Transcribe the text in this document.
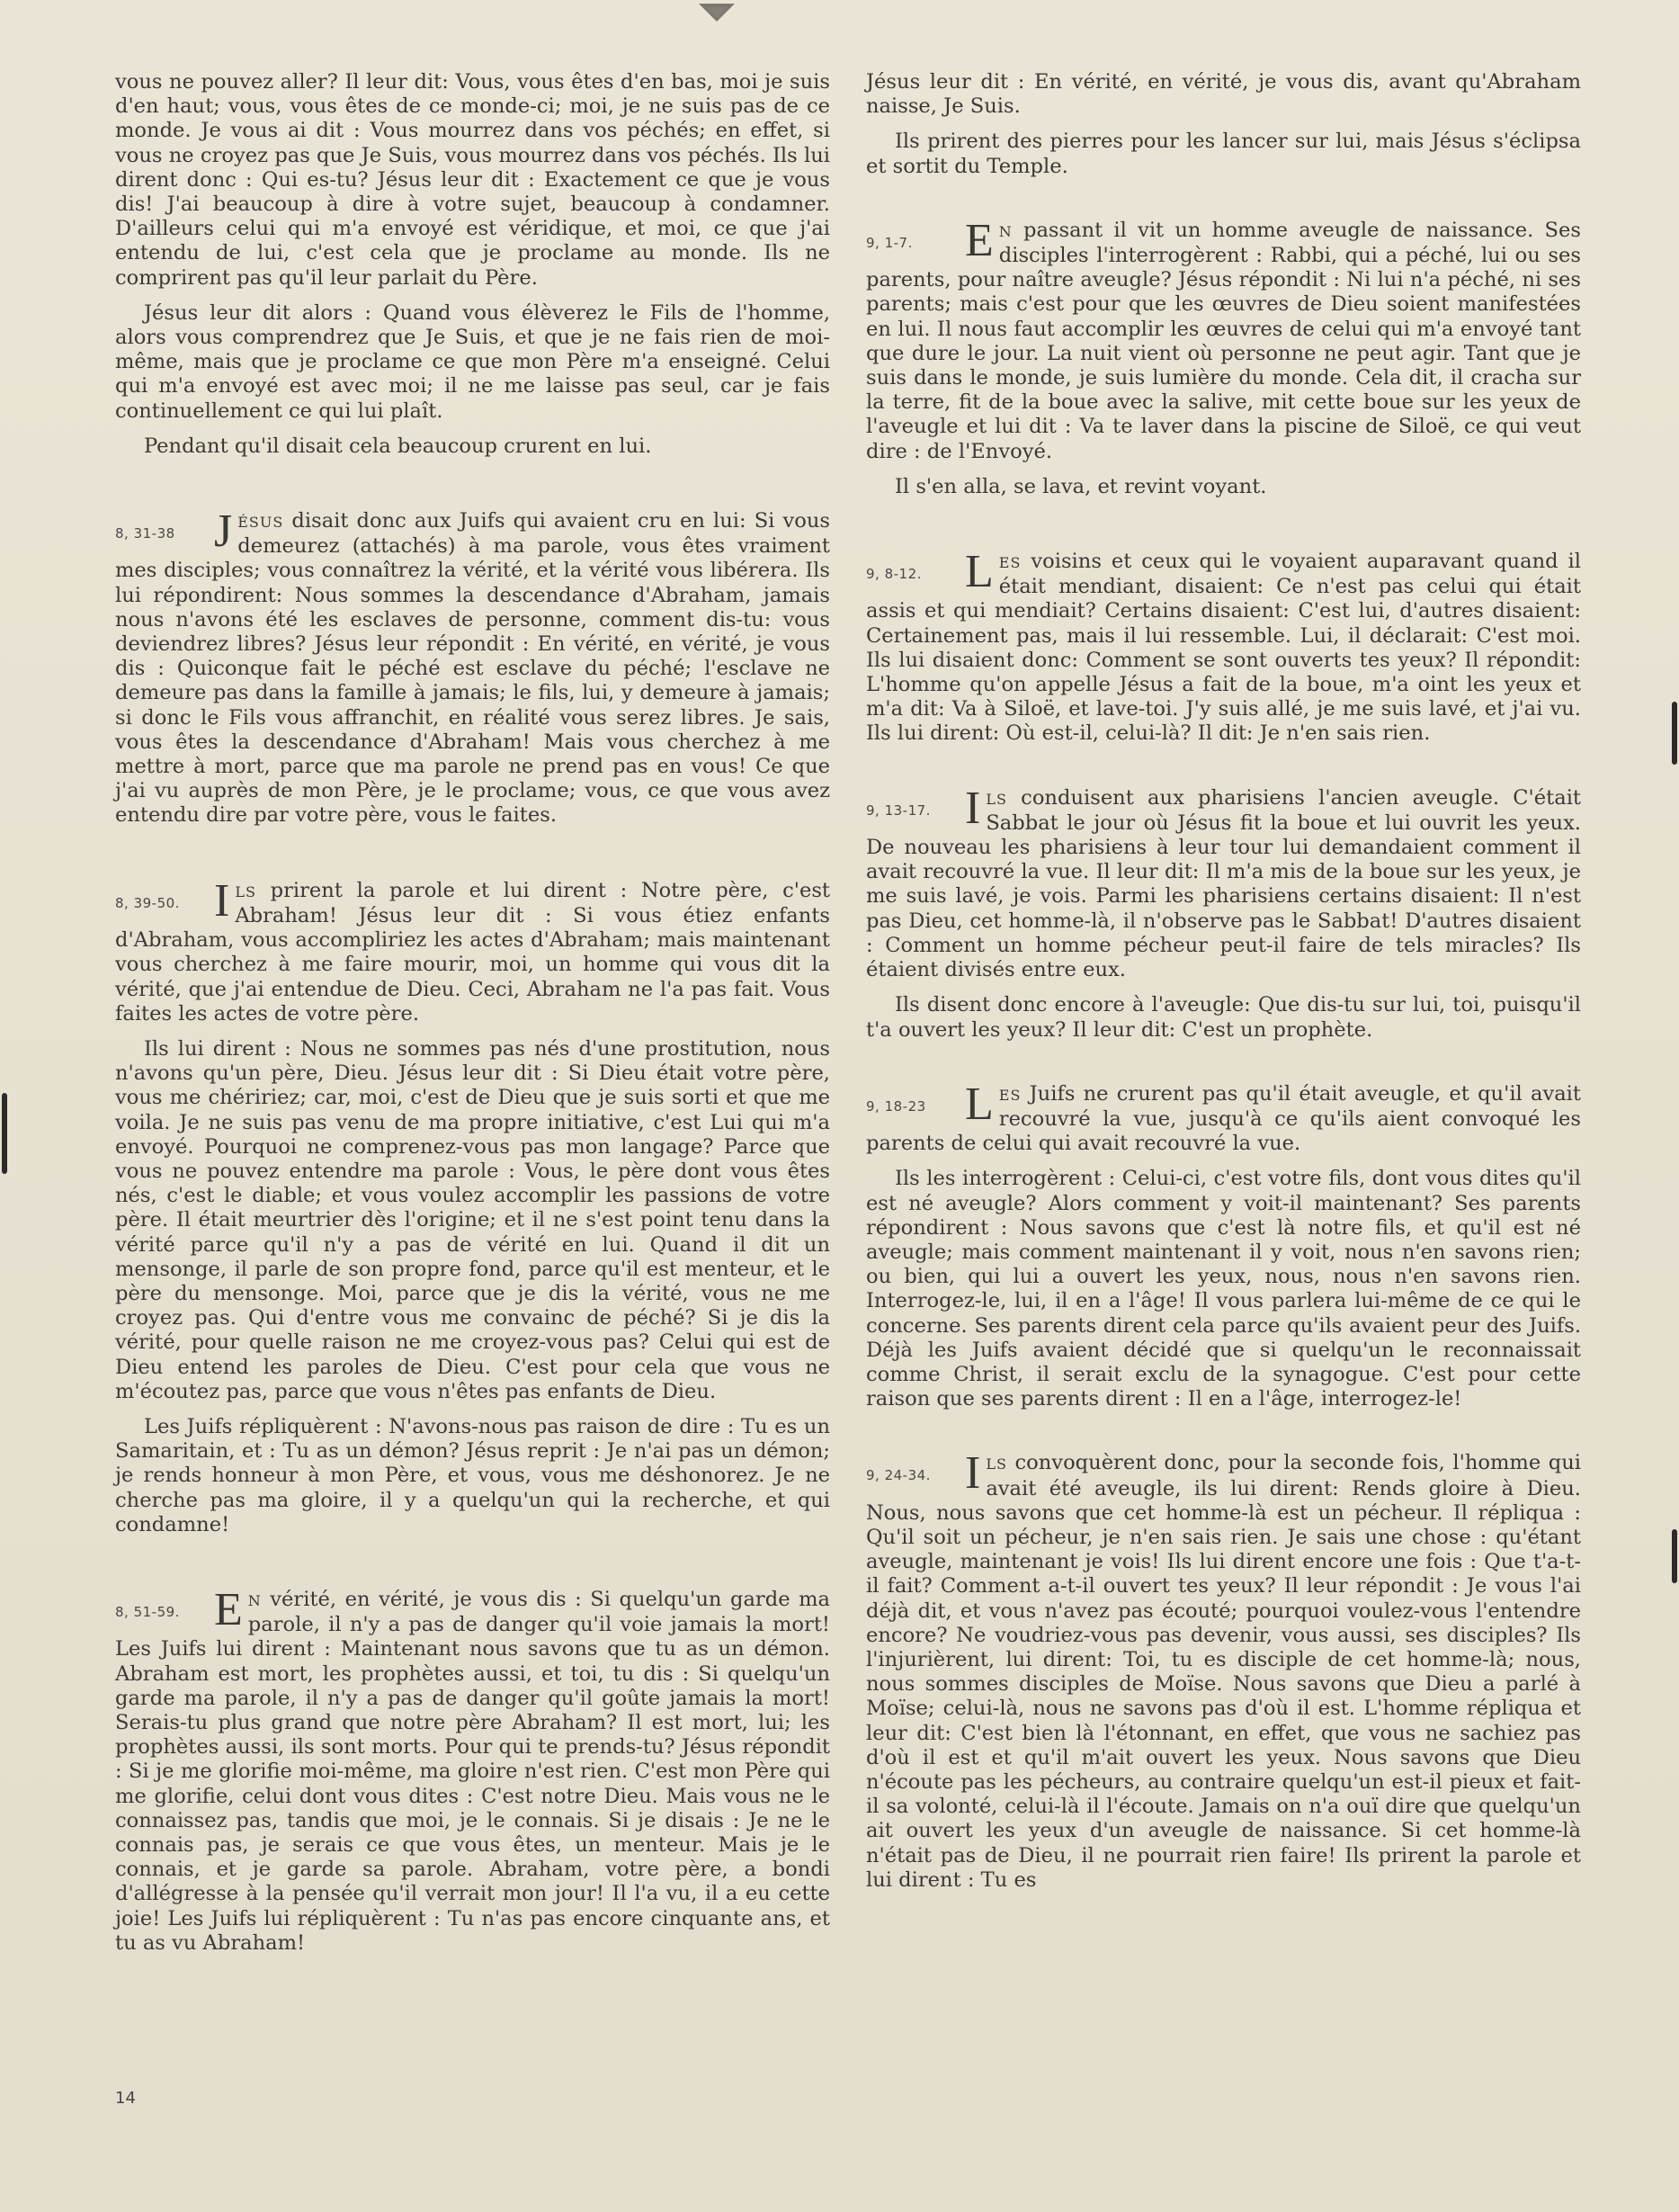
vous ne pouvez aller? Il leur dit: Vous, vous êtes d'en bas, moi je suis d'en haut; vous, vous êtes de ce monde-ci; moi, je ne suis pas de ce monde. Je vous ai dit : Vous mourrez dans vos péchés; en effet, si vous ne croyez pas que Je Suis, vous mourrez dans vos péchés. Ils lui dirent donc : Qui es-tu? Jésus leur dit : Exactement ce que je vous dis! J'ai beaucoup à dire à votre sujet, beaucoup à condamner. D'ailleurs celui qui m'a envoyé est véridique, et moi, ce que j'ai entendu de lui, c'est cela que je proclame au monde. Ils ne comprirent pas qu'il leur parlait du Père.

Jésus leur dit alors : Quand vous élèverez le Fils de l'homme, alors vous comprendrez que Je Suis, et que je ne fais rien de moi-même, mais que je proclame ce que mon Père m'a enseigné. Celui qui m'a envoyé est avec moi; il ne me laisse pas seul, car je fais continuellement ce qui lui plaît.

Pendant qu'il disait cela beaucoup crurent en lui.

8, 31-38 J ÉSUS disait donc aux Juifs qui avaient cru en lui: Si vous demeurez (attachés) à ma parole, vous êtes vraiment mes disciples; vous connaîtrez la vérité, et la vérité vous libérera. Ils lui répondirent: Nous sommes la descendance d'Abraham, jamais nous n'avons été les esclaves de personne, comment dis-tu: vous deviendrez libres? Jésus leur répondit : En vérité, en vérité, je vous dis : Quiconque fait le péché est esclave du péché; l'esclave ne demeure pas dans la famille à jamais; le fils, lui, y demeure à jamais; si donc le Fils vous affranchit, en réalité vous serez libres. Je sais, vous êtes la descendance d'Abraham! Mais vous cherchez à me mettre à mort, parce que ma parole ne prend pas en vous! Ce que j'ai vu auprès de mon Père, je le proclame; vous, ce que vous avez entendu dire par votre père, vous le faites.

8, 39-50. I LS prirent la parole et lui dirent : Notre père, c'est Abraham! Jésus leur dit : Si vous étiez enfants d'Abraham, vous accompliriez les actes d'Abraham; mais maintenant vous cherchez à me faire mourir, moi, un homme qui vous dit la vérité, que j'ai entendue de Dieu. Ceci, Abraham ne l'a pas fait. Vous faites les actes de votre père.

Ils lui dirent : Nous ne sommes pas nés d'une prostitution, nous n'avons qu'un père, Dieu. Jésus leur dit : Si Dieu était votre père, vous me chéririez; car, moi, c'est de Dieu que je suis sorti et que me voila. Je ne suis pas venu de ma propre initiative, c'est Lui qui m'a envoyé. Pourquoi ne comprenez-vous pas mon langage? Parce que vous ne pouvez entendre ma parole : Vous, le père dont vous êtes nés, c'est le diable; et vous voulez accomplir les passions de votre père. Il était meurtrier dès l'origine; et il ne s'est point tenu dans la vérité parce qu'il n'y a pas de vérité en lui. Quand il dit un mensonge, il parle de son propre fond, parce qu'il est menteur, et le père du mensonge. Moi, parce que je dis la vérité, vous ne me croyez pas. Qui d'entre vous me convainc de péché? Si je dis la vérité, pour quelle raison ne me croyez-vous pas? Celui qui est de Dieu entend les paroles de Dieu. C'est pour cela que vous ne m'écoutez pas, parce que vous n'êtes pas enfants de Dieu.

Les Juifs répliquèrent : N'avons-nous pas raison de dire : Tu es un Samaritain, et : Tu as un démon? Jésus reprit : Je n'ai pas un démon; je rends honneur à mon Père, et vous, vous me déshonorez. Je ne cherche pas ma gloire, il y a quelqu'un qui la recherche, et qui condamne!

8, 51-59. E N vérité, en vérité, je vous dis : Si quelqu'un garde ma parole, il n'y a pas de danger qu'il voie jamais la mort! Les Juifs lui dirent : Maintenant nous savons que tu as un démon. Abraham est mort, les prophètes aussi, et toi, tu dis : Si quelqu'un garde ma parole, il n'y a pas de danger qu'il goûte jamais la mort! Serais-tu plus grand que notre père Abraham? Il est mort, lui; les prophètes aussi, ils sont morts. Pour qui te prends-tu? Jésus répondit : Si je me glorifie moi-même, ma gloire n'est rien. C'est mon Père qui me glorifie, celui dont vous dites : C'est notre Dieu. Mais vous ne le connaissez pas, tandis que moi, je le connais. Si je disais : Je ne le connais pas, je serais ce que vous êtes, un menteur. Mais je le connais, et je garde sa parole. Abraham, votre père, a bondi d'allégresse à la pensée qu'il verrait mon jour! Il l'a vu, il a eu cette joie! Les Juifs lui répliquèrent : Tu n'as pas encore cinquante ans, et tu as vu Abraham!

Jésus leur dit : En vérité, en vérité, je vous dis, avant qu'Abraham naisse, Je Suis.

Ils prirent des pierres pour les lancer sur lui, mais Jésus s'éclipsa et sortit du Temple.

9, 1-7. E N passant il vit un homme aveugle de naissance. Ses disciples l'interrogèrent : Rabbi, qui a péché, lui ou ses parents, pour naître aveugle? Jésus répondit : Ni lui n'a péché, ni ses parents; mais c'est pour que les œuvres de Dieu soient manifestées en lui. Il nous faut accomplir les œuvres de celui qui m'a envoyé tant que dure le jour. La nuit vient où personne ne peut agir. Tant que je suis dans le monde, je suis lumière du monde. Cela dit, il cracha sur la terre, fit de la boue avec la salive, mit cette boue sur les yeux de l'aveugle et lui dit : Va te laver dans la piscine de Siloë, ce qui veut dire : de l'Envoyé.

Il s'en alla, se lava, et revint voyant.

9, 8-12. L ES voisins et ceux qui le voyaient auparavant quand il était mendiant, disaient: Ce n'est pas celui qui était assis et qui mendiait? Certains disaient: C'est lui, d'autres disaient: Certainement pas, mais il lui ressemble. Lui, il déclarait: C'est moi. Ils lui disaient donc: Comment se sont ouverts tes yeux? Il répondit: L'homme qu'on appelle Jésus a fait de la boue, m'a oint les yeux et m'a dit: Va à Siloë, et lave-toi. J'y suis allé, je me suis lavé, et j'ai vu. Ils lui dirent: Où est-il, celui-là? Il dit: Je n'en sais rien.

9, 13-17. I LS conduisent aux pharisiens l'ancien aveugle. C'était Sabbat le jour où Jésus fit la boue et lui ouvrit les yeux. De nouveau les pharisiens à leur tour lui demandaient comment il avait recouvré la vue. Il leur dit: Il m'a mis de la boue sur les yeux, je me suis lavé, je vois. Parmi les pharisiens certains disaient: Il n'est pas Dieu, cet homme-là, il n'observe pas le Sabbat! D'autres disaient : Comment un homme pécheur peut-il faire de tels miracles? Ils étaient divisés entre eux.

Ils disent donc encore à l'aveugle: Que dis-tu sur lui, toi, puisqu'il t'a ouvert les yeux? Il leur dit: C'est un prophète.

9, 18-23 L ES Juifs ne crurent pas qu'il était aveugle, et qu'il avait recouvré la vue, jusqu'à ce qu'ils aient convoqué les parents de celui qui avait recouvré la vue.

Ils les interrogèrent : Celui-ci, c'est votre fils, dont vous dites qu'il est né aveugle? Alors comment y voit-il maintenant? Ses parents répondirent : Nous savons que c'est là notre fils, et qu'il est né aveugle; mais comment maintenant il y voit, nous n'en savons rien; ou bien, qui lui a ouvert les yeux, nous, nous n'en savons rien. Interrogez-le, lui, il en a l'âge! Il vous parlera lui-même de ce qui le concerne. Ses parents dirent cela parce qu'ils avaient peur des Juifs. Déjà les Juifs avaient décidé que si quelqu'un le reconnaissait comme Christ, il serait exclu de la synagogue. C'est pour cette raison que ses parents dirent : Il en a l'âge, interrogez-le!

9, 24-34. I LS convoquèrent donc, pour la seconde fois, l'homme qui avait été aveugle, ils lui dirent: Rends gloire à Dieu. Nous, nous savons que cet homme-là est un pécheur. Il répliqua : Qu'il soit un pécheur, je n'en sais rien. Je sais une chose : qu'étant aveugle, maintenant je vois! Ils lui dirent encore une fois : Que t'a-t-il fait? Comment a-t-il ouvert tes yeux? Il leur répondit : Je vous l'ai déjà dit, et vous n'avez pas écouté; pourquoi voulez-vous l'entendre encore? Ne voudriez-vous pas devenir, vous aussi, ses disciples? Ils l'injurièrent, lui dirent: Toi, tu es disciple de cet homme-là; nous, nous sommes disciples de Moïse. Nous savons que Dieu a parlé à Moïse; celui-là, nous ne savons pas d'où il est. L'homme répliqua et leur dit: C'est bien là l'étonnant, en effet, que vous ne sachiez pas d'où il est et qu'il m'ait ouvert les yeux. Nous savons que Dieu n'écoute pas les pécheurs, au contraire quelqu'un est-il pieux et fait-il sa volonté, celui-là il l'écoute. Jamais on n'a ouï dire que quelqu'un ait ouvert les yeux d'un aveugle de naissance. Si cet homme-là n'était pas de Dieu, il ne pourrait rien faire! Ils prirent la parole et lui dirent : Tu es

14
